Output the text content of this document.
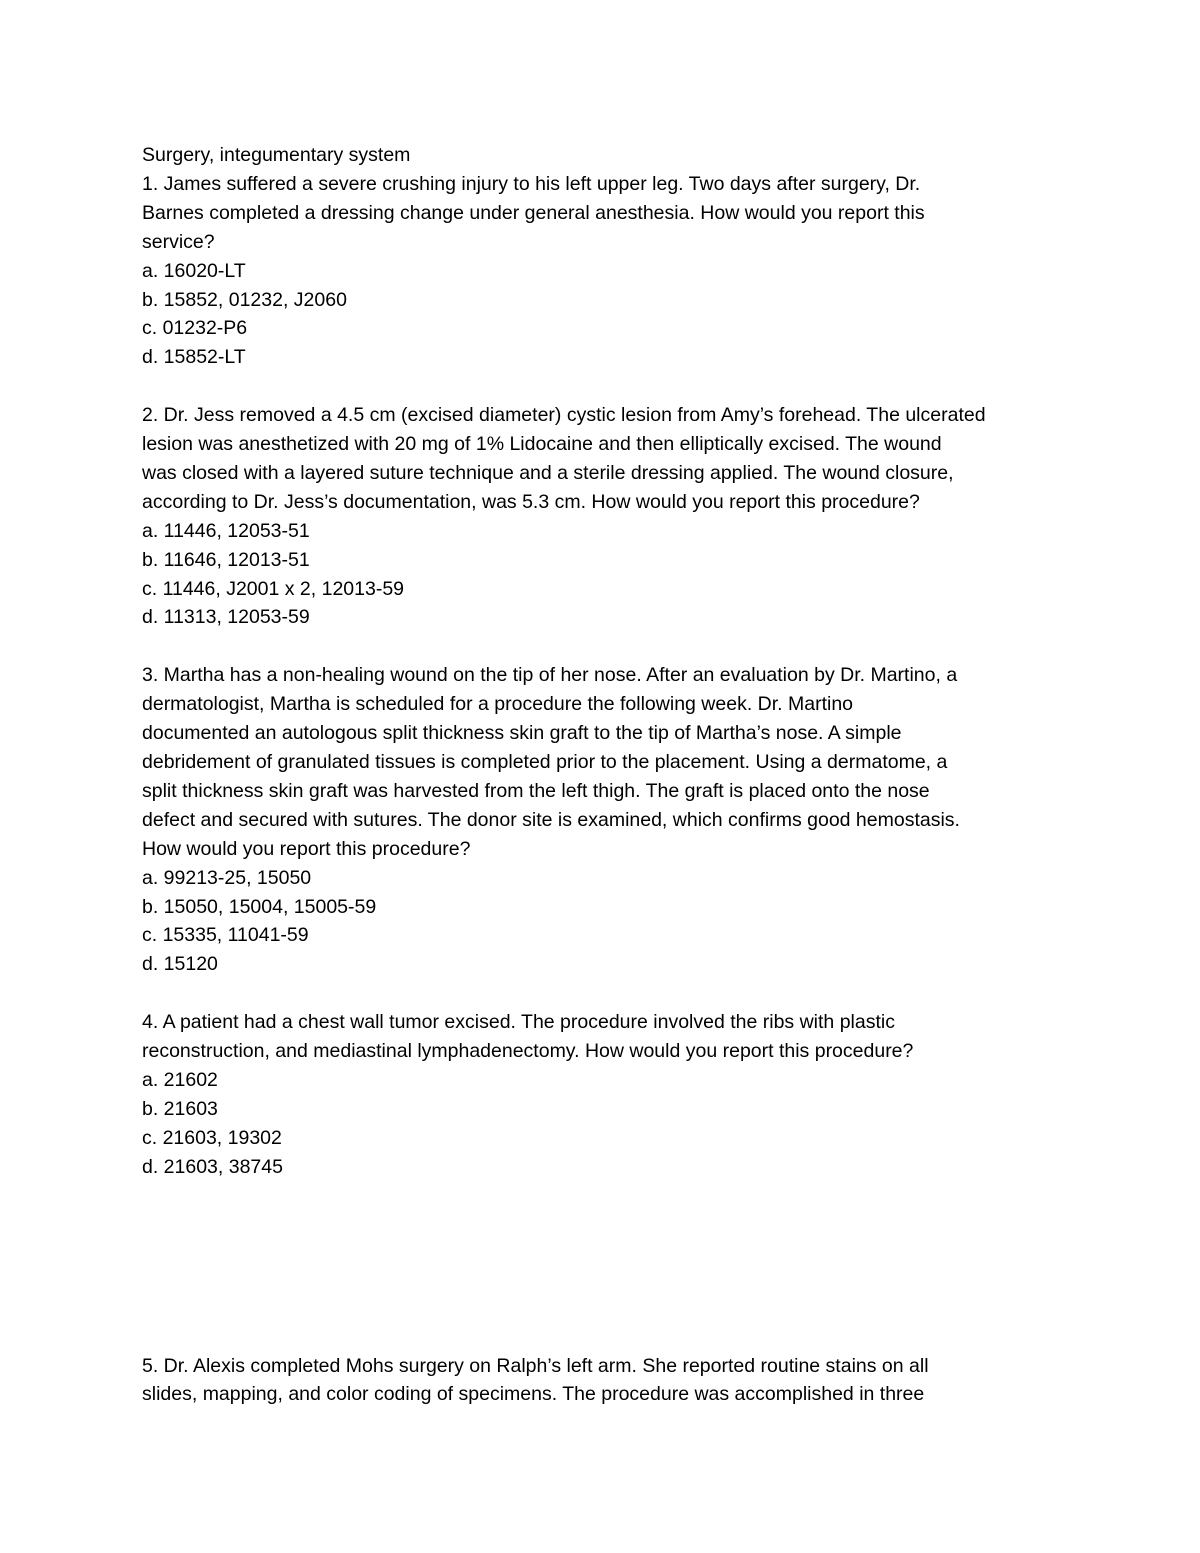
Surgery, integumentary system
1. James suffered a severe crushing injury to his left upper leg. Two days after surgery, Dr.
Barnes completed a dressing change under general anesthesia. How would you report this
service?
a. 16020-LT
b. 15852, 01232, J2060
c. 01232-P6
d. 15852-LT
2. Dr. Jess removed a 4.5 cm (excised diameter) cystic lesion from Amy’s forehead. The ulcerated
lesion was anesthetized with 20 mg of 1% Lidocaine and then elliptically excised. The wound
was closed with a layered suture technique and a sterile dressing applied. The wound closure,
according to Dr. Jess’s documentation, was 5.3 cm. How would you report this procedure?
a. 11446, 12053-51
b. 11646, 12013-51
c. 11446, J2001 x 2, 12013-59
d. 11313, 12053-59
3. Martha has a non-healing wound on the tip of her nose. After an evaluation by Dr. Martino, a
dermatologist, Martha is scheduled for a procedure the following week. Dr. Martino
documented an autologous split thickness skin graft to the tip of Martha’s nose. A simple
debridement of granulated tissues is completed prior to the placement. Using a dermatome, a
split thickness skin graft was harvested from the left thigh. The graft is placed onto the nose
defect and secured with sutures. The donor site is examined, which confirms good hemostasis.
How would you report this procedure?
a. 99213-25, 15050
b. 15050, 15004, 15005-59
c. 15335, 11041-59
d. 15120
4. A patient had a chest wall tumor excised. The procedure involved the ribs with plastic
reconstruction, and mediastinal lymphadenectomy. How would you report this procedure?
a. 21602
b. 21603
c. 21603, 19302
d. 21603, 38745
5. Dr. Alexis completed Mohs surgery on Ralph’s left arm. She reported routine stains on all
slides, mapping, and color coding of specimens. The procedure was accomplished in three
